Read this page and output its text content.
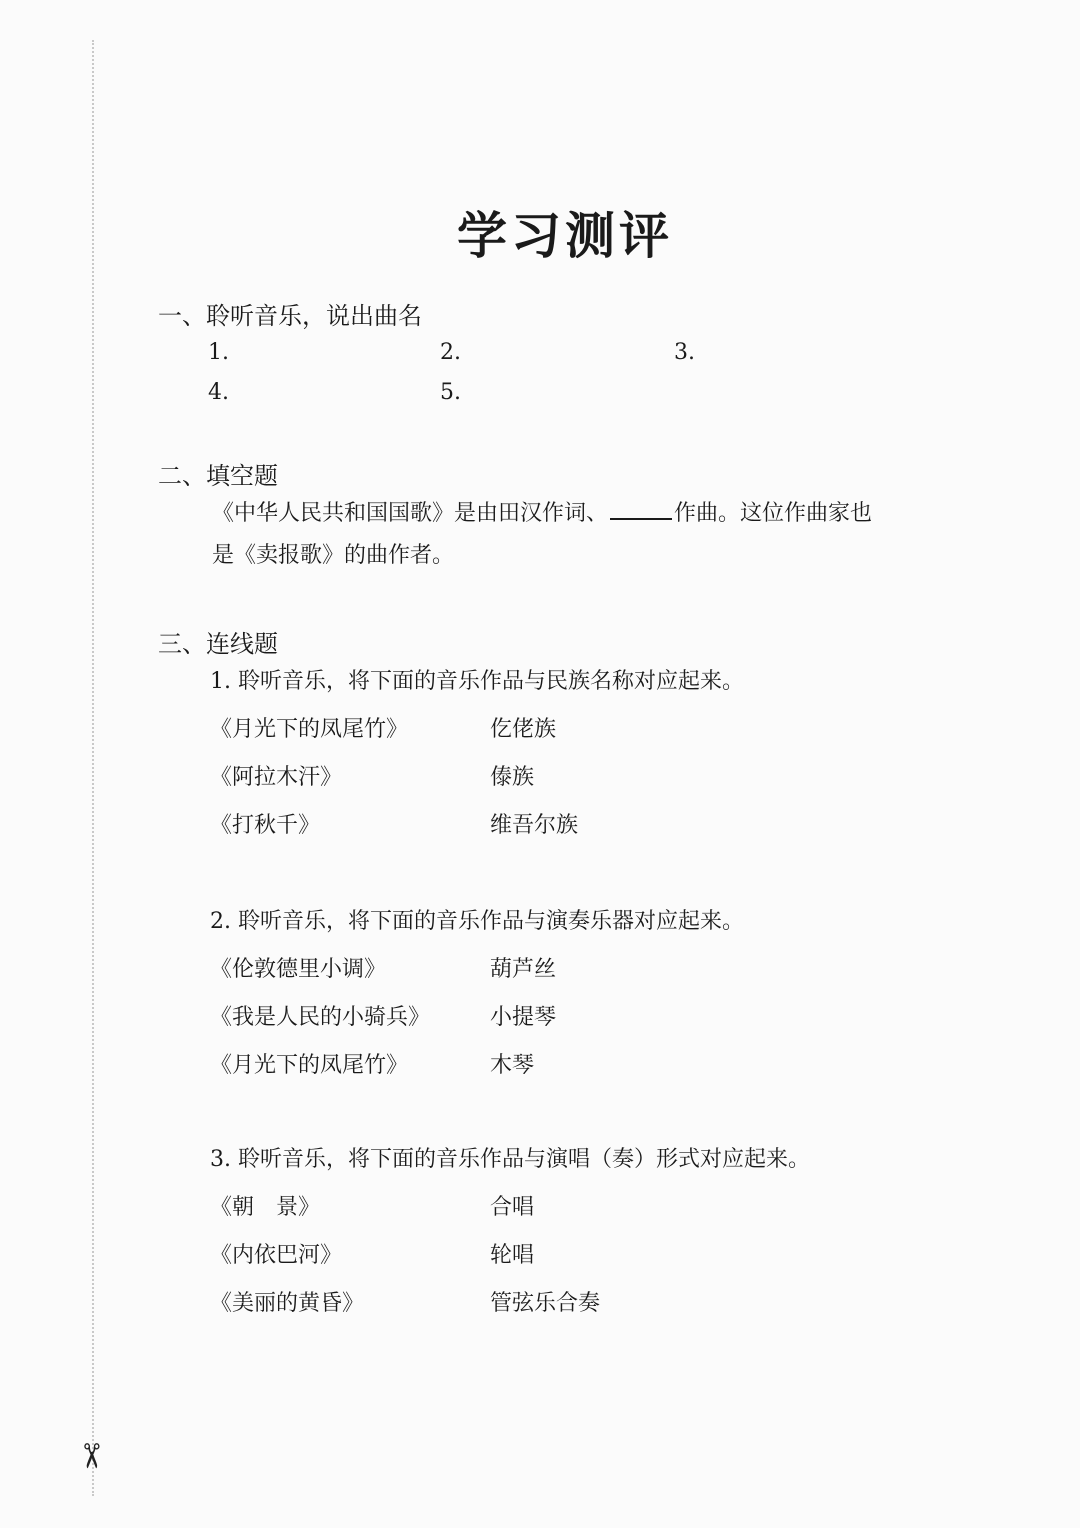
学习测评
一、聆听音乐，说出曲名
1.	2.	3.
4.	5.
二、填空题
《中华人民共和国国歌》是由田汉作词、	作曲。这位作曲家也
是《卖报歌》的曲作者。
三、连线题
1. 聆听音乐，将下面的音乐作品与民族名称对应起来。
《月光下的凤尾竹》	仡佬族
《阿拉木汗》	傣族
《打秋千》	维吾尔族
2. 聆听音乐，将下面的音乐作品与演奏乐器对应起来。
《伦敦德里小调》	葫芦丝
《我是人民的小骑兵》	小提琴
《月光下的凤尾竹》	木琴
3. 聆听音乐，将下面的音乐作品与演唱（奏）形式对应起来。
《朝　景》	合唱
《内依巴河》	轮唱
《美丽的黄昏》	管弦乐合奏
✂
